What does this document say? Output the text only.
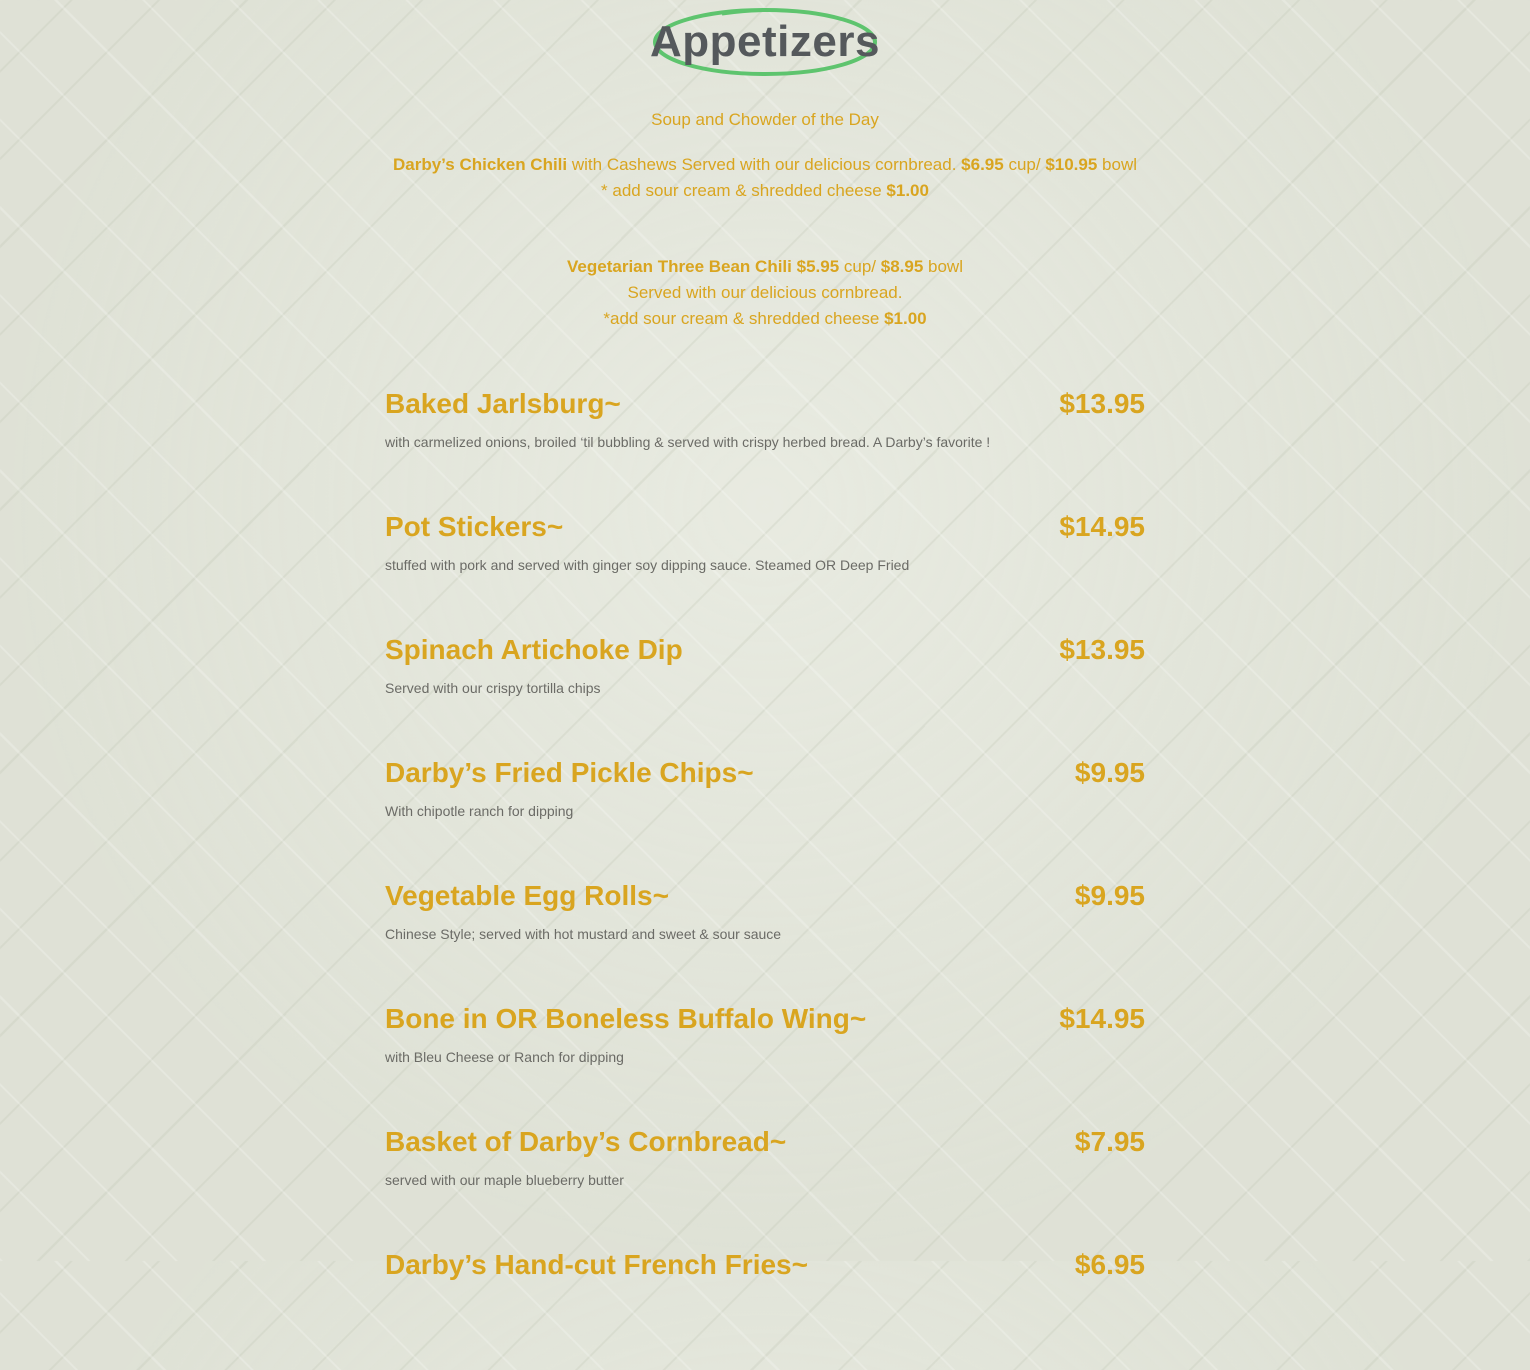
Appetizers
Soup and Chowder of the Day
Darby’s Chicken Chili with Cashews Served with our delicious cornbread. $6.95 cup/ $10.95 bowl
* add sour cream & shredded cheese $1.00
Vegetarian Three Bean Chili $5.95 cup/ $8.95 bowl
Served with our delicious cornbread.
*add sour cream & shredded cheese $1.00
Baked Jarlsburg~	$13.95
with carmelized onions, broiled ‘til bubbling & served with crispy herbed bread. A Darby’s favorite !
Pot Stickers~	$14.95
stuffed with pork and served with ginger soy dipping sauce. Steamed OR Deep Fried
Spinach Artichoke Dip	$13.95
Served with our crispy tortilla chips
Darby’s Fried Pickle Chips~	$9.95
With chipotle ranch for dipping
Vegetable Egg Rolls~	$9.95
Chinese Style; served with hot mustard and sweet & sour sauce
Bone in OR Boneless Buffalo Wing~	$14.95
with Bleu Cheese or Ranch for dipping
Basket of Darby’s Cornbread~	$7.95
served with our maple blueberry butter
Darby’s Hand-cut French Fries~	$6.95
